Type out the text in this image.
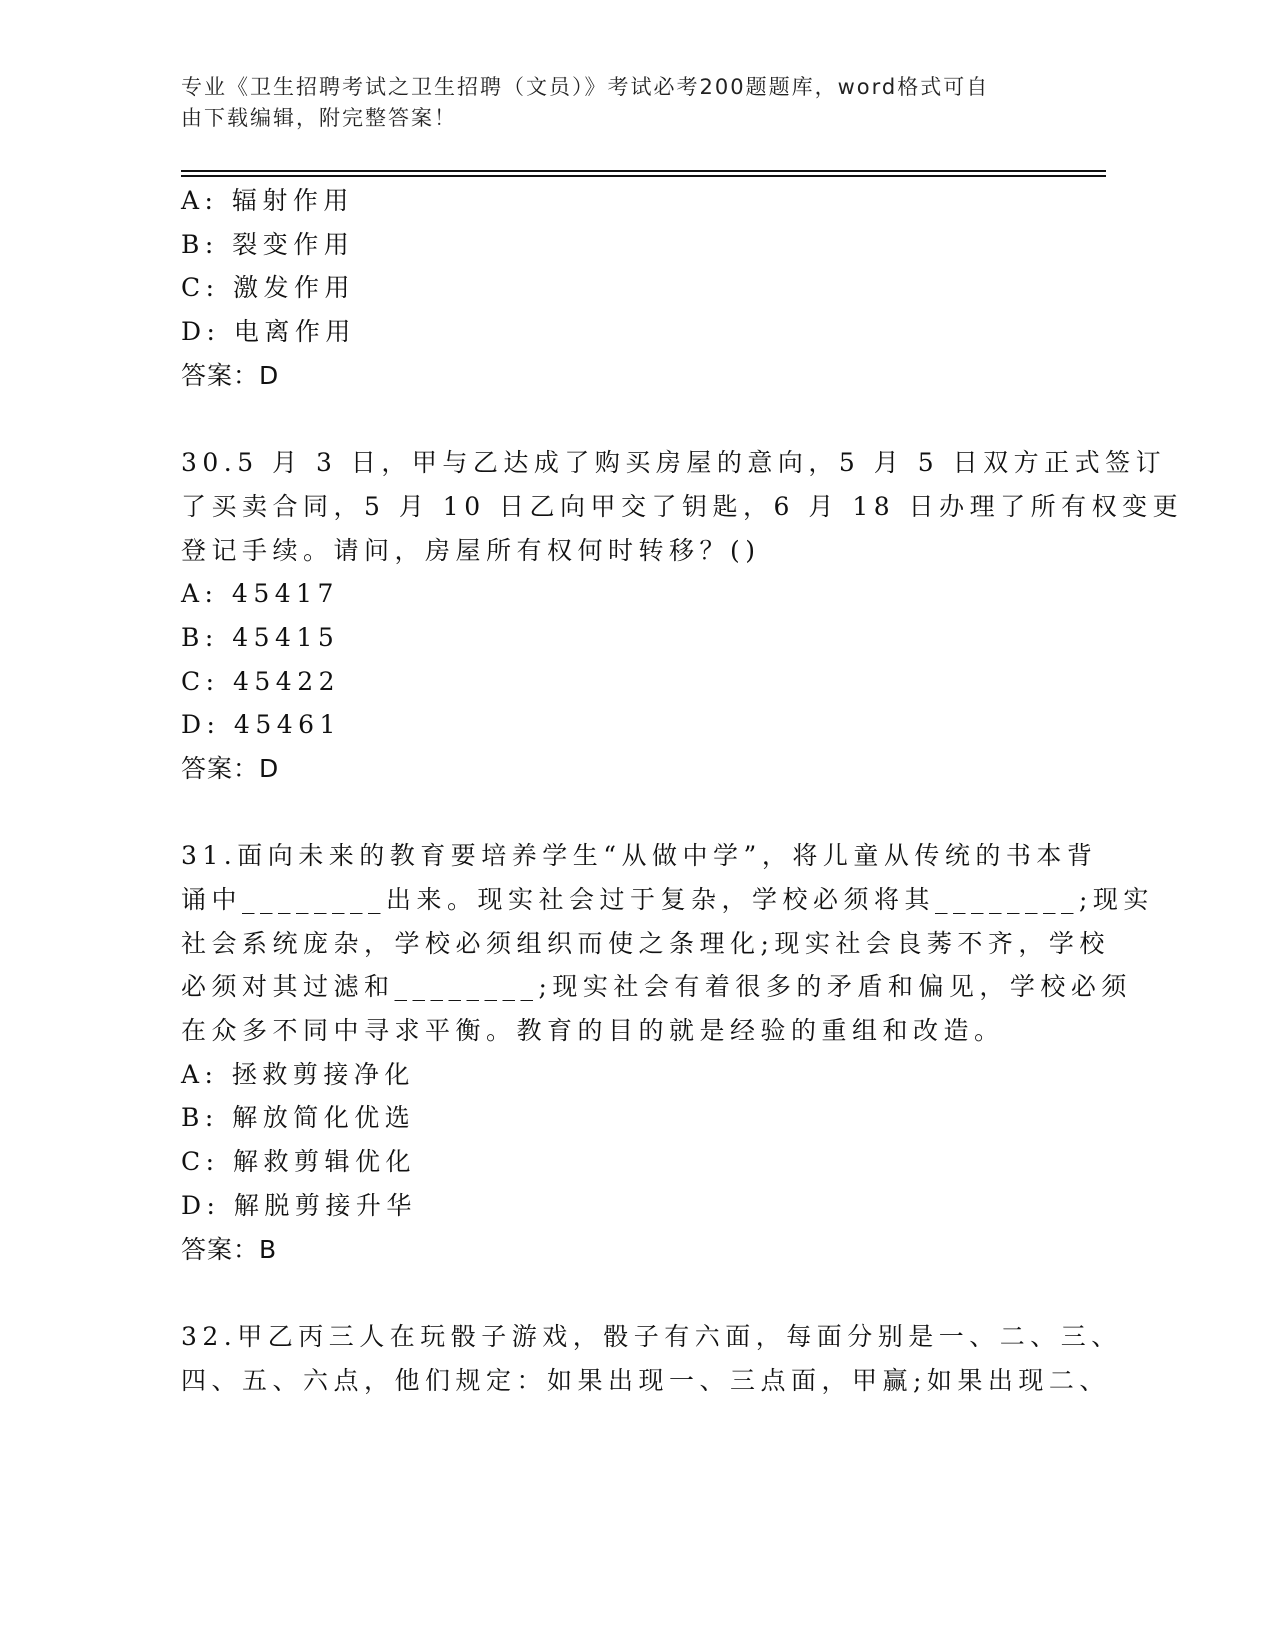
专业《卫生招聘考试之卫生招聘（文员）》考试必考200题题库，word格式可自
由下载编辑，附完整答案！
A: 辐射作用
B: 裂变作用
C: 激发作用
D: 电离作用
答案：D
30.5 月 3 日，甲与乙达成了购买房屋的意向，5 月 5 日双方正式签订
了买卖合同，5 月 10 日乙向甲交了钥匙，6 月 18 日办理了所有权变更
登记手续。请问，房屋所有权何时转移？()
A: 45417
B: 45415
C: 45422
D: 45461
答案：D
31.面向未来的教育要培养学生“从做中学”，将儿童从传统的书本背
诵中________出来。现实社会过于复杂，学校必须将其________;现实
社会系统庞杂，学校必须组织而使之条理化;现实社会良莠不齐，学校
必须对其过滤和________;现实社会有着很多的矛盾和偏见，学校必须
在众多不同中寻求平衡。教育的目的就是经验的重组和改造。
A: 拯救剪接净化
B: 解放简化优选
C: 解救剪辑优化
D: 解脱剪接升华
答案：B
32.甲乙丙三人在玩骰子游戏，骰子有六面，每面分别是一、二、三、
四、五、六点，他们规定：如果出现一、三点面，甲赢;如果出现二、
